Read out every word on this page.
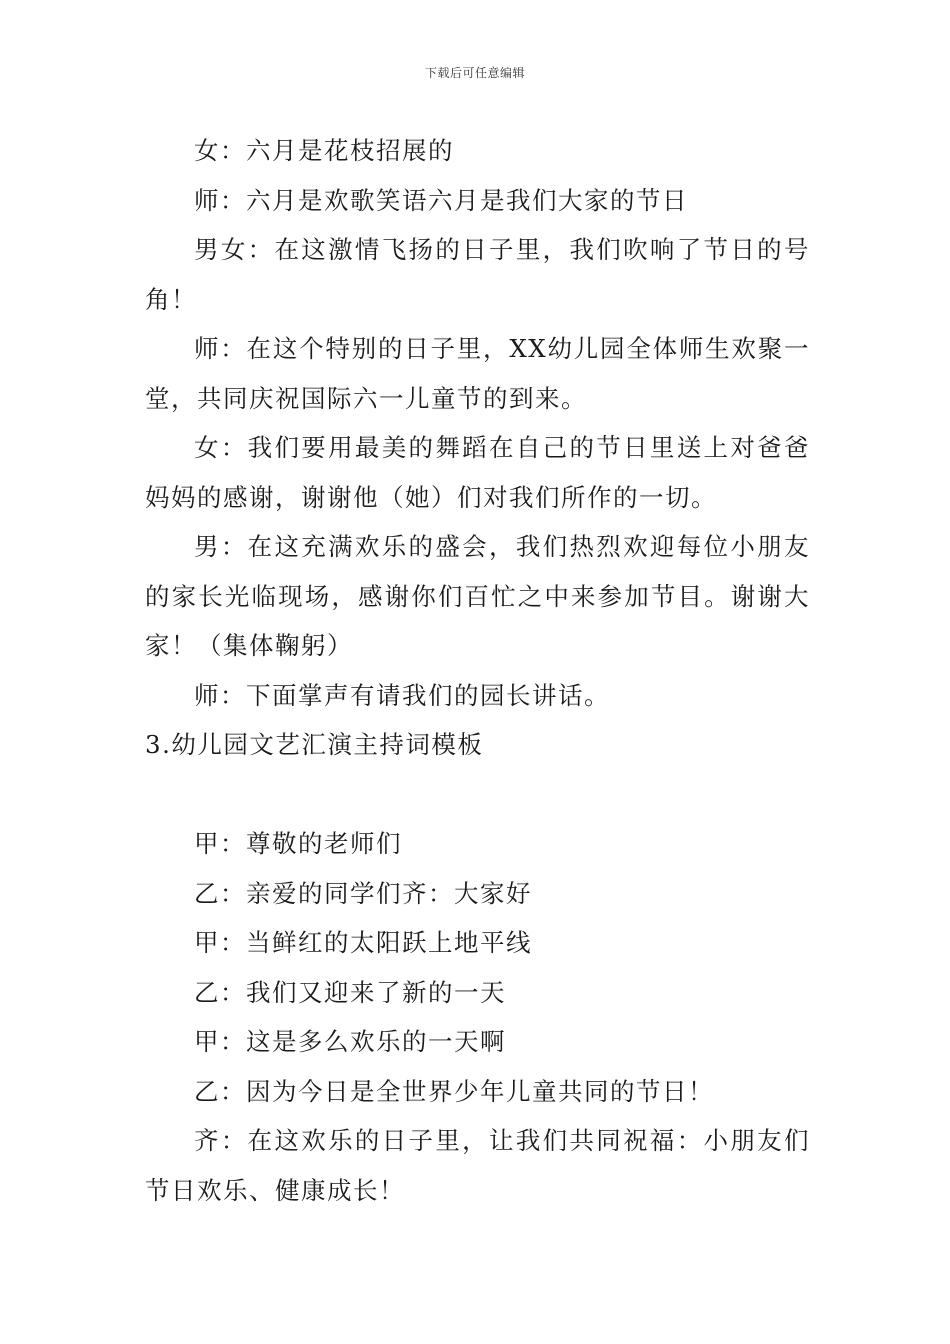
下载后可任意编辑

女：六月是花枝招展的

师：六月是欢歌笑语六月是我们大家的节日

男女：在这激情飞扬的日子里，我们吹响了节日的号角！

师：在这个特别的日子里，XX幼儿园全体师生欢聚一堂，共同庆祝国际六一儿童节的到来。

女：我们要用最美的舞蹈在自己的节日里送上对爸爸妈妈的感谢，谢谢他（她）们对我们所作的一切。

男：在这充满欢乐的盛会，我们热烈欢迎每位小朋友的家长光临现场，感谢你们百忙之中来参加节目。谢谢大家！（集体鞠躬）

师：下面掌声有请我们的园长讲话。

3.幼儿园文艺汇演主持词模板

甲：尊敬的老师们

乙：亲爱的同学们齐：大家好

甲：当鲜红的太阳跃上地平线

乙：我们又迎来了新的一天

甲：这是多么欢乐的一天啊

乙：因为今日是全世界少年儿童共同的节日！

齐：在这欢乐的日子里，让我们共同祝福：小朋友们节日欢乐、健康成长！
